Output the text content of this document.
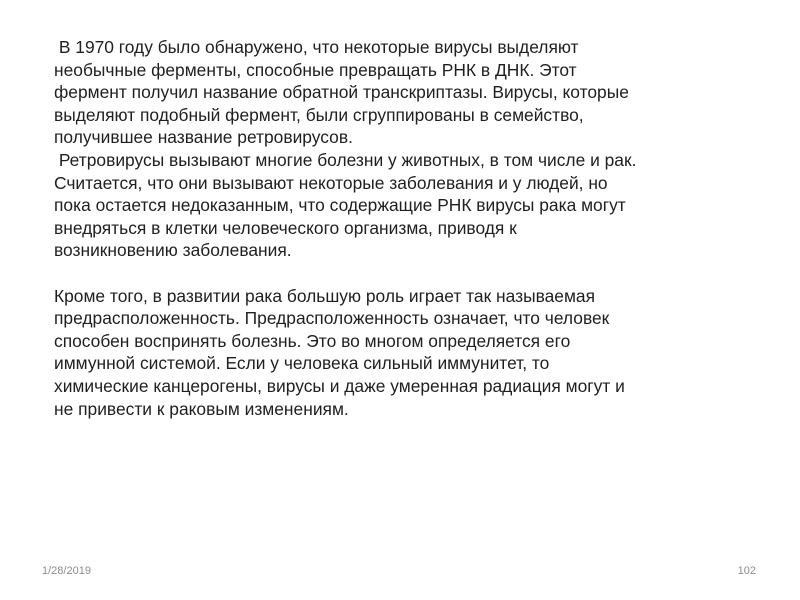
В 1970 году было обнаружено, что некоторые вирусы выделяют
необычные ферменты, способные превращать РНК в ДНК. Этот
фермент получил название обратной транскриптазы. Вирусы, которые
выделяют подобный фермент, были сгруппированы в семейство,
получившее название ретровирусов.

Ретровирусы вызывают многие болезни у животных, в том числе и рак.
Считается, что они вызывают некоторые заболевания и у людей, но
пока остается недоказанным, что содержащие РНК вирусы рака могут
внедряться в клетки человеческого организма, приводя к
возникновению заболевания.

Кроме того, в развитии рака большую роль играет так называемая
предрасположенность. Предрасположенность означает, что человек
способен воспринять болезнь. Это во многом определяется его
иммунной системой. Если у человека сильный иммунитет, то
химические канцерогены, вирусы и даже умеренная радиация могут и
не привести к раковым изменениям.

1/28/2019	102
